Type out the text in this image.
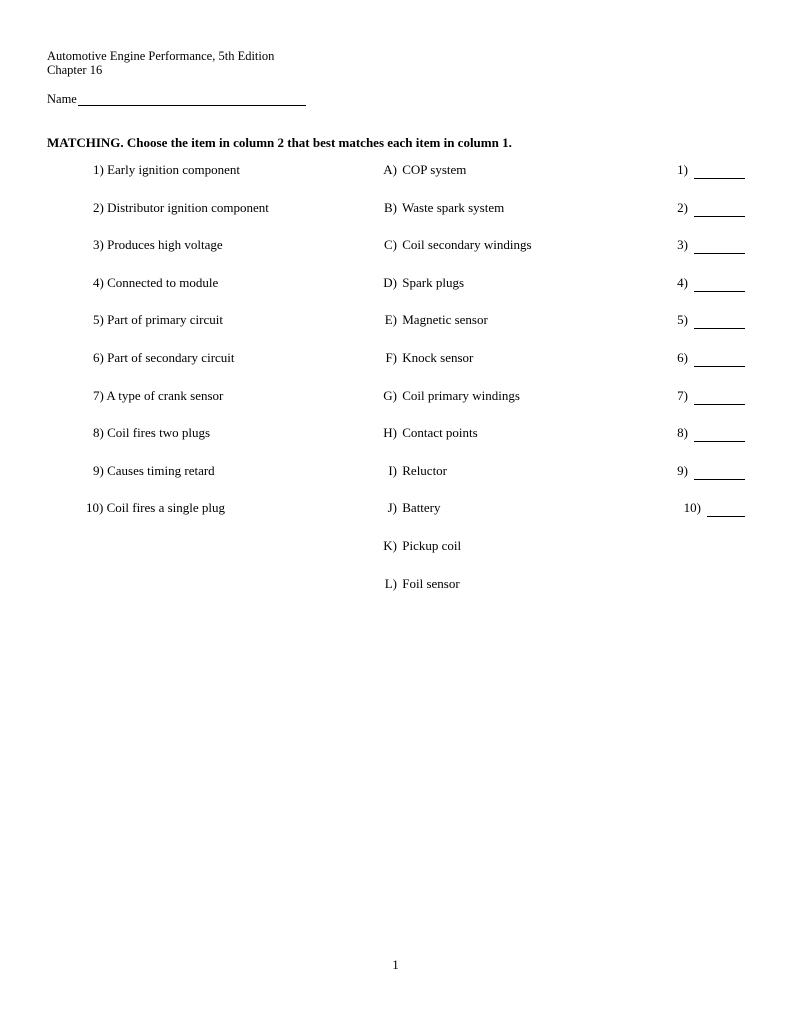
Automotive Engine Performance, 5th Edition
Chapter 16
Name
MATCHING. Choose the item in column 2 that best matches each item in column 1.
1) Early ignition component	A) COP system	1)
2) Distributor ignition component	B) Waste spark system	2)
3) Produces high voltage	C) Coil secondary windings	3)
4) Connected to module	D) Spark plugs	4)
5) Part of primary circuit	E) Magnetic sensor	5)
6) Part of secondary circuit	F) Knock sensor	6)
7) A type of crank sensor	G) Coil primary windings	7)
8) Coil fires two plugs	H) Contact points	8)
9) Causes timing retard	I) Reluctor	9)
10) Coil fires a single plug	J) Battery	10)
K) Pickup coil
L) Foil sensor
1
